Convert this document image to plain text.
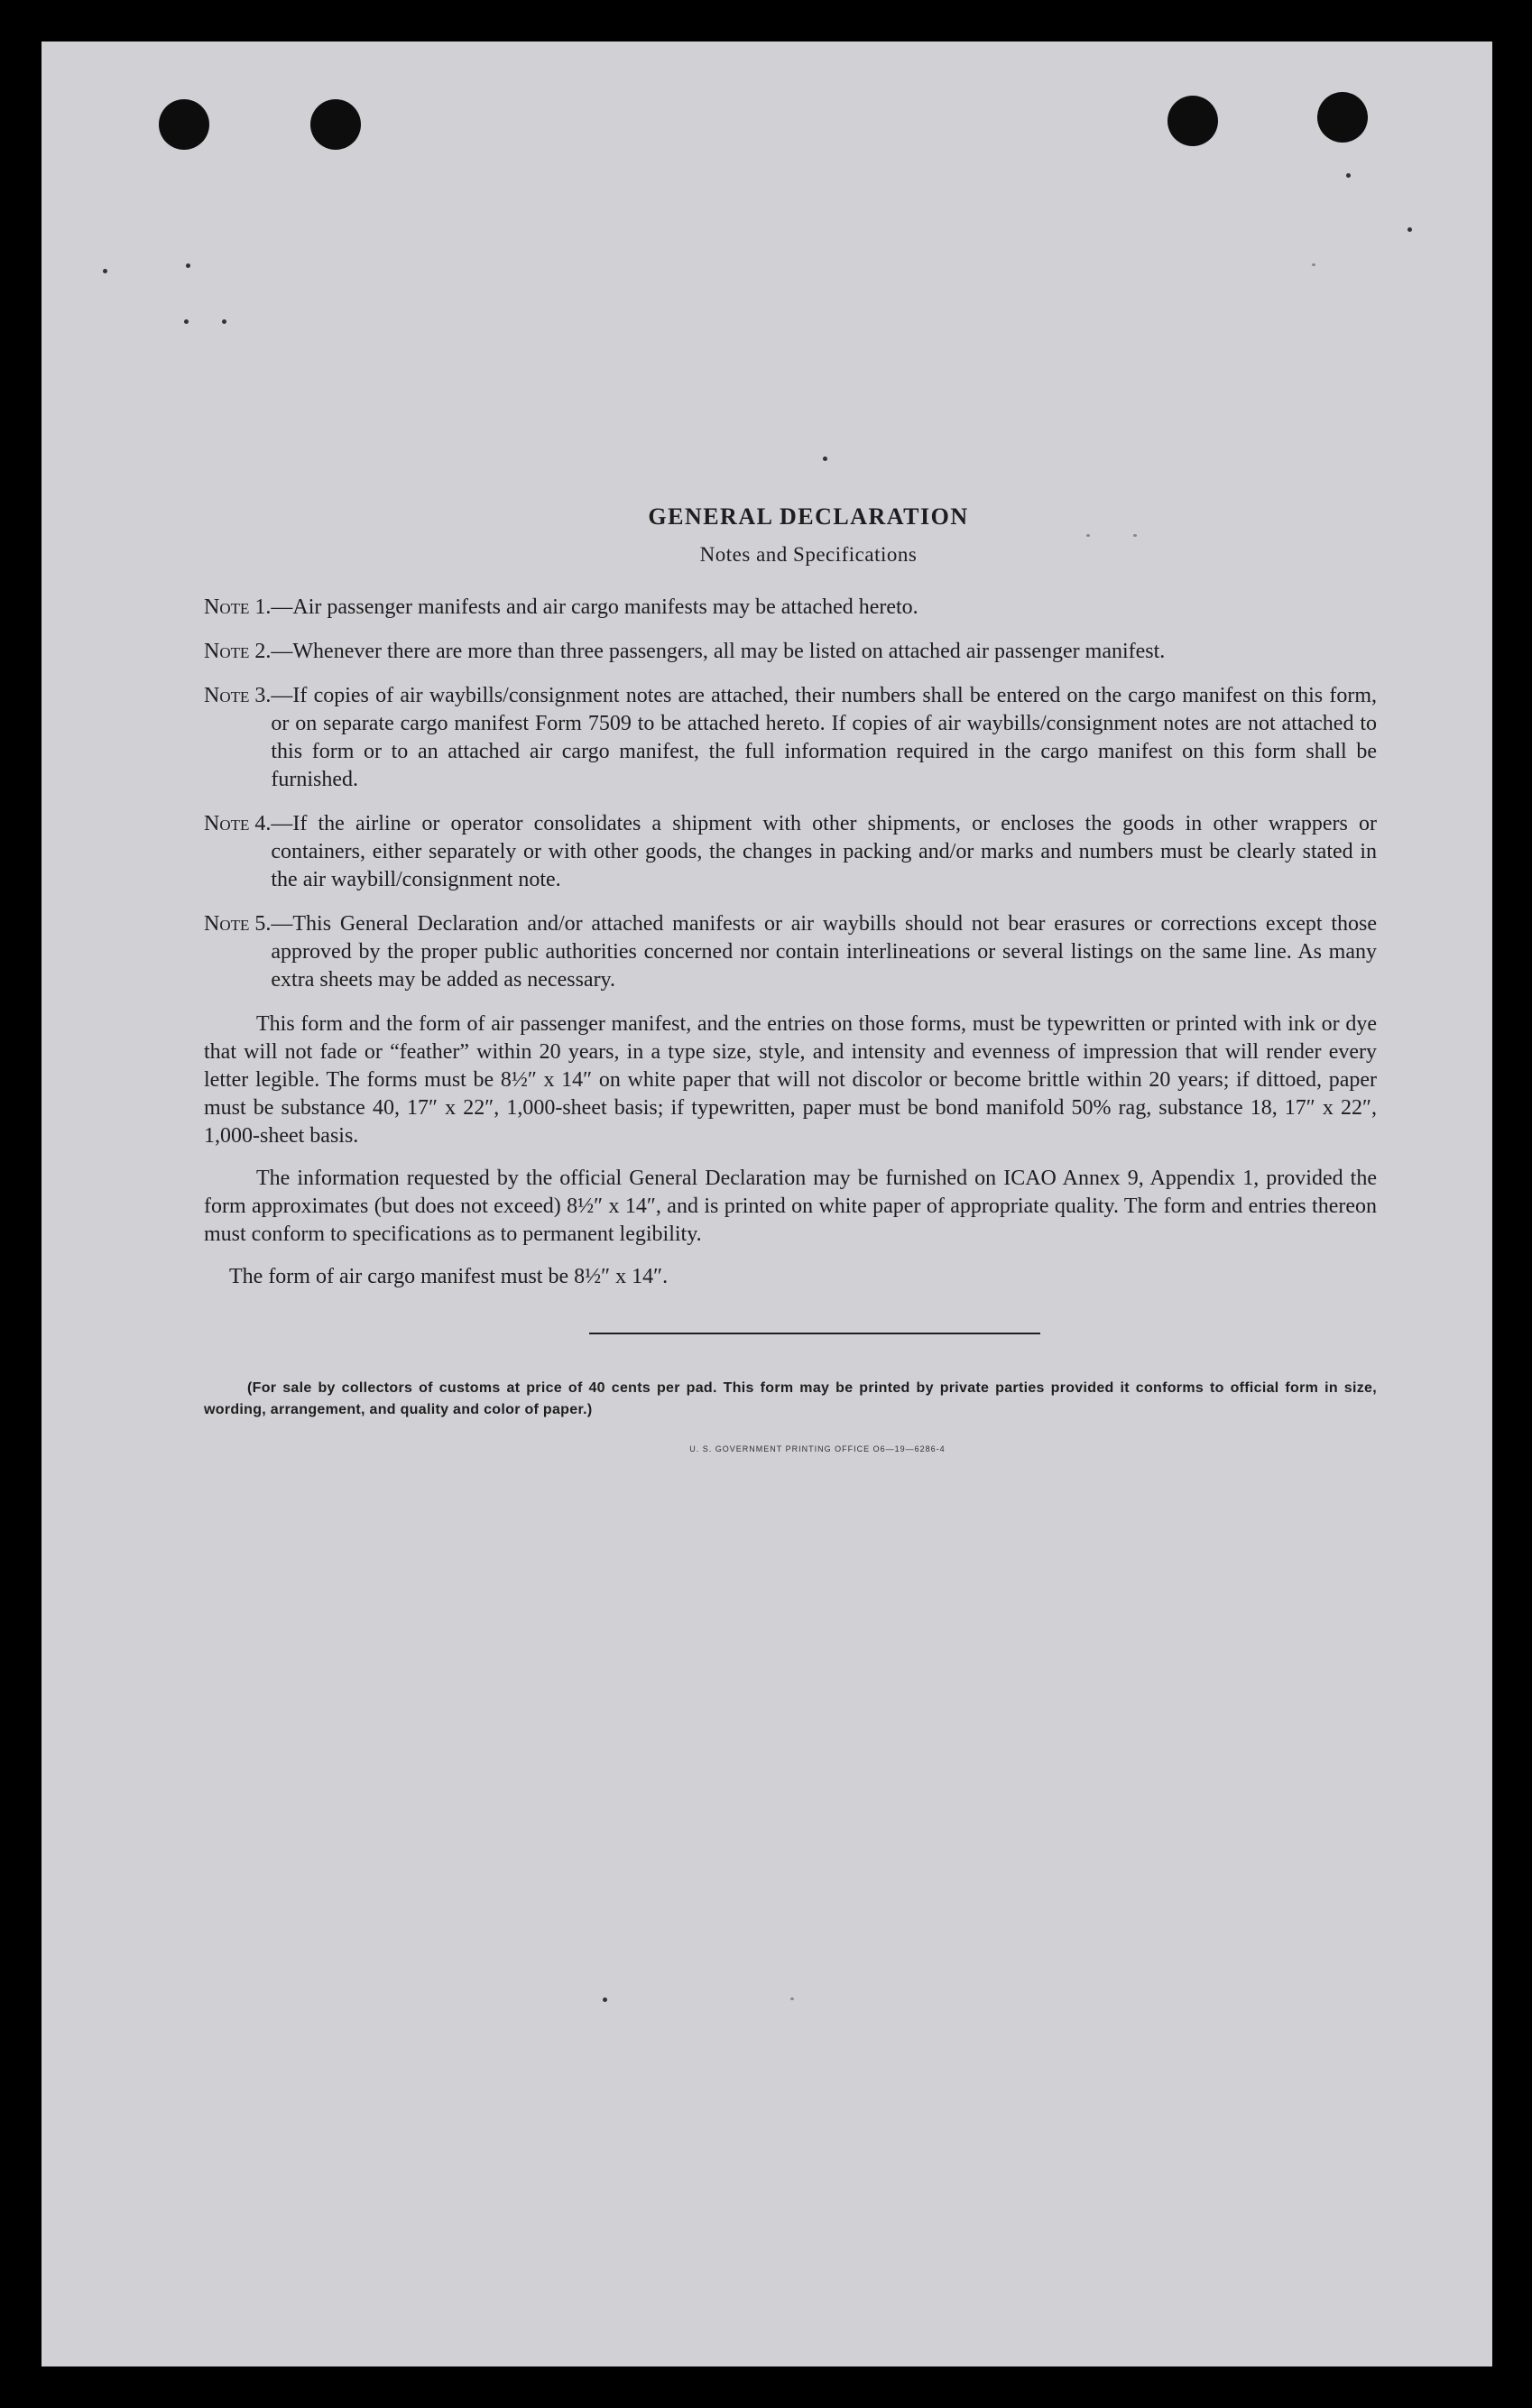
GENERAL DECLARATION
Notes and Specifications
Note 1. —Air passenger manifests and air cargo manifests may be attached hereto.
Note 2. —Whenever there are more than three passengers, all may be listed on attached air passenger manifest.
Note 3. —If copies of air waybills/consignment notes are attached, their numbers shall be entered on the cargo manifest on this form, or on separate cargo manifest Form 7509 to be attached hereto. If copies of air waybills/consignment notes are not attached to this form or to an attached air cargo manifest, the full information required in the cargo manifest on this form shall be furnished.
Note 4. —If the airline or operator consolidates a shipment with other shipments, or encloses the goods in other wrappers or containers, either separately or with other goods, the changes in packing and/or marks and numbers must be clearly stated in the air waybill/consignment note.
Note 5. —This General Declaration and/or attached manifests or air waybills should not bear erasures or corrections except those approved by the proper public authorities concerned nor contain interlineations or several listings on the same line. As many extra sheets may be added as necessary.

This form and the form of air passenger manifest, and the entries on those forms, must be typewritten or printed with ink or dye that will not fade or “feather” within 20 years, in a type size, style, and intensity and evenness of impression that will render every letter legible. The forms must be 8½″ x 14″ on white paper that will not discolor or become brittle within 20 years; if dittoed, paper must be substance 40, 17″ x 22″, 1,000-sheet basis; if typewritten, paper must be bond manifold 50% rag, substance 18, 17″ x 22″, 1,000-sheet basis.

The information requested by the official General Declaration may be furnished on ICAO Annex 9, Appendix 1, provided the form approximates (but does not exceed) 8½″ x 14″, and is printed on white paper of appropriate quality. The form and entries thereon must conform to specifications as to permanent legibility.

The form of air cargo manifest must be 8½″ x 14″.

(For sale by collectors of customs at price of 40 cents per pad. This form may be printed by private parties provided it conforms to official form in size, wording, arrangement, and quality and color of paper.)

U. S. GOVERNMENT PRINTING OFFICE O6—19—6286-4
